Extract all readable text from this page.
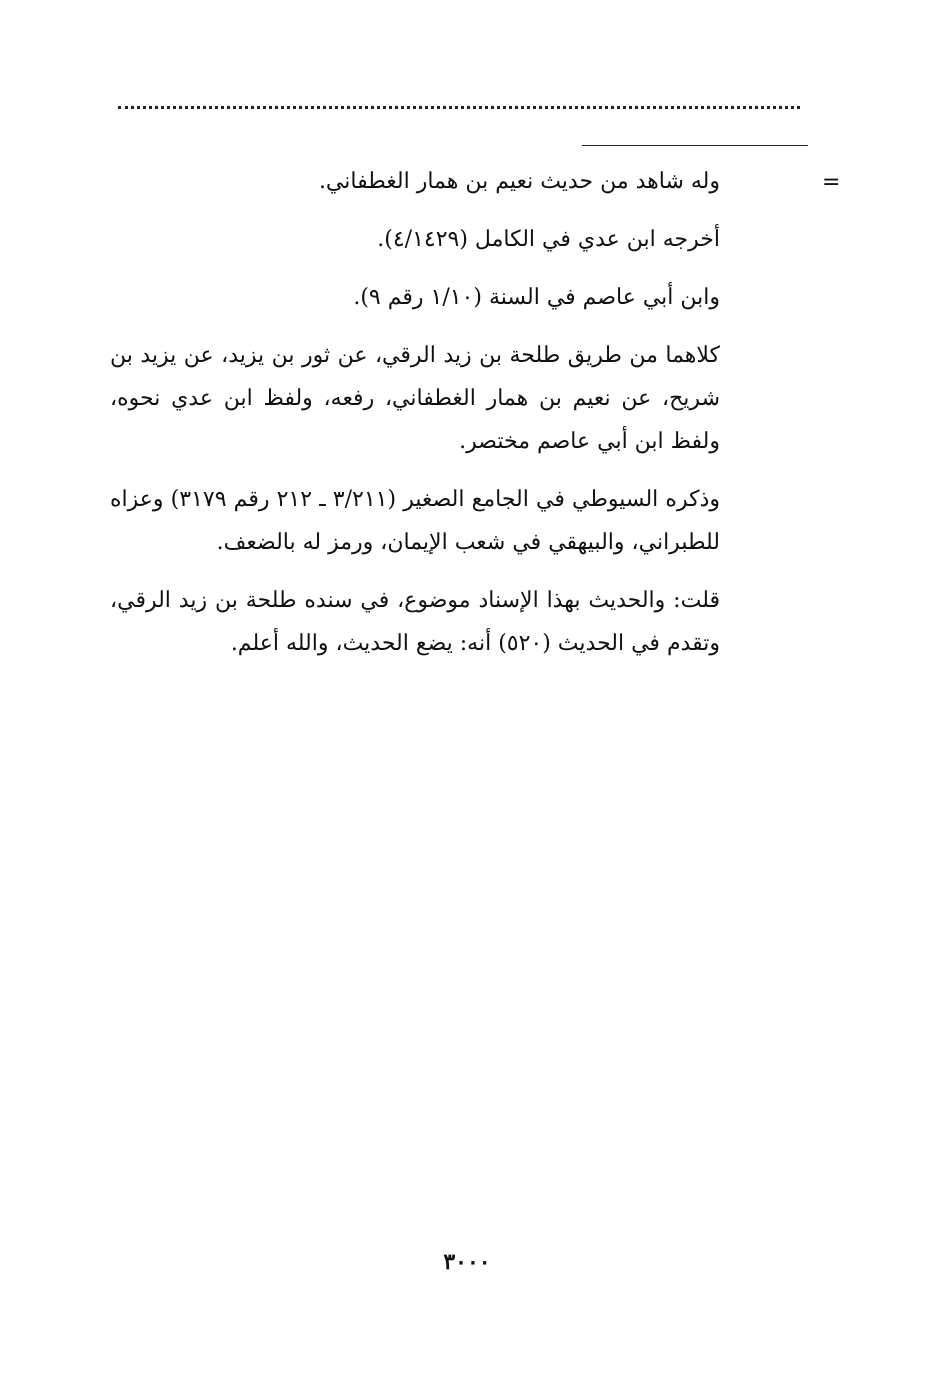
=

وله شاهد من حديث نعيم بن همار الغطفاني.

أخرجه ابن عدي في الكامل (٤/١٤٢٩).

وابن أبي عاصم في السنة (١/١٠ رقم ٩).

كلاهما من طريق طلحة بن زيد الرقي، عن ثور بن يزيد، عن يزيد بن شريح، عن نعيم بن همار الغطفاني، رفعه، ولفظ ابن عدي نحوه، ولفظ ابن أبي عاصم مختصر.

وذكره السيوطي في الجامع الصغير (٣/٢١١ ـ ٢١٢ رقم ٣١٧٩) وعزاه للطبراني، والبيهقي في شعب الإيمان، ورمز له بالضعف.

قلت: والحديث بهذا الإسناد موضوع، في سنده طلحة بن زيد الرقي، وتقدم في الحديث (٥٢٠) أنه: يضع الحديث، والله أعلم.

٣٠٠٠
